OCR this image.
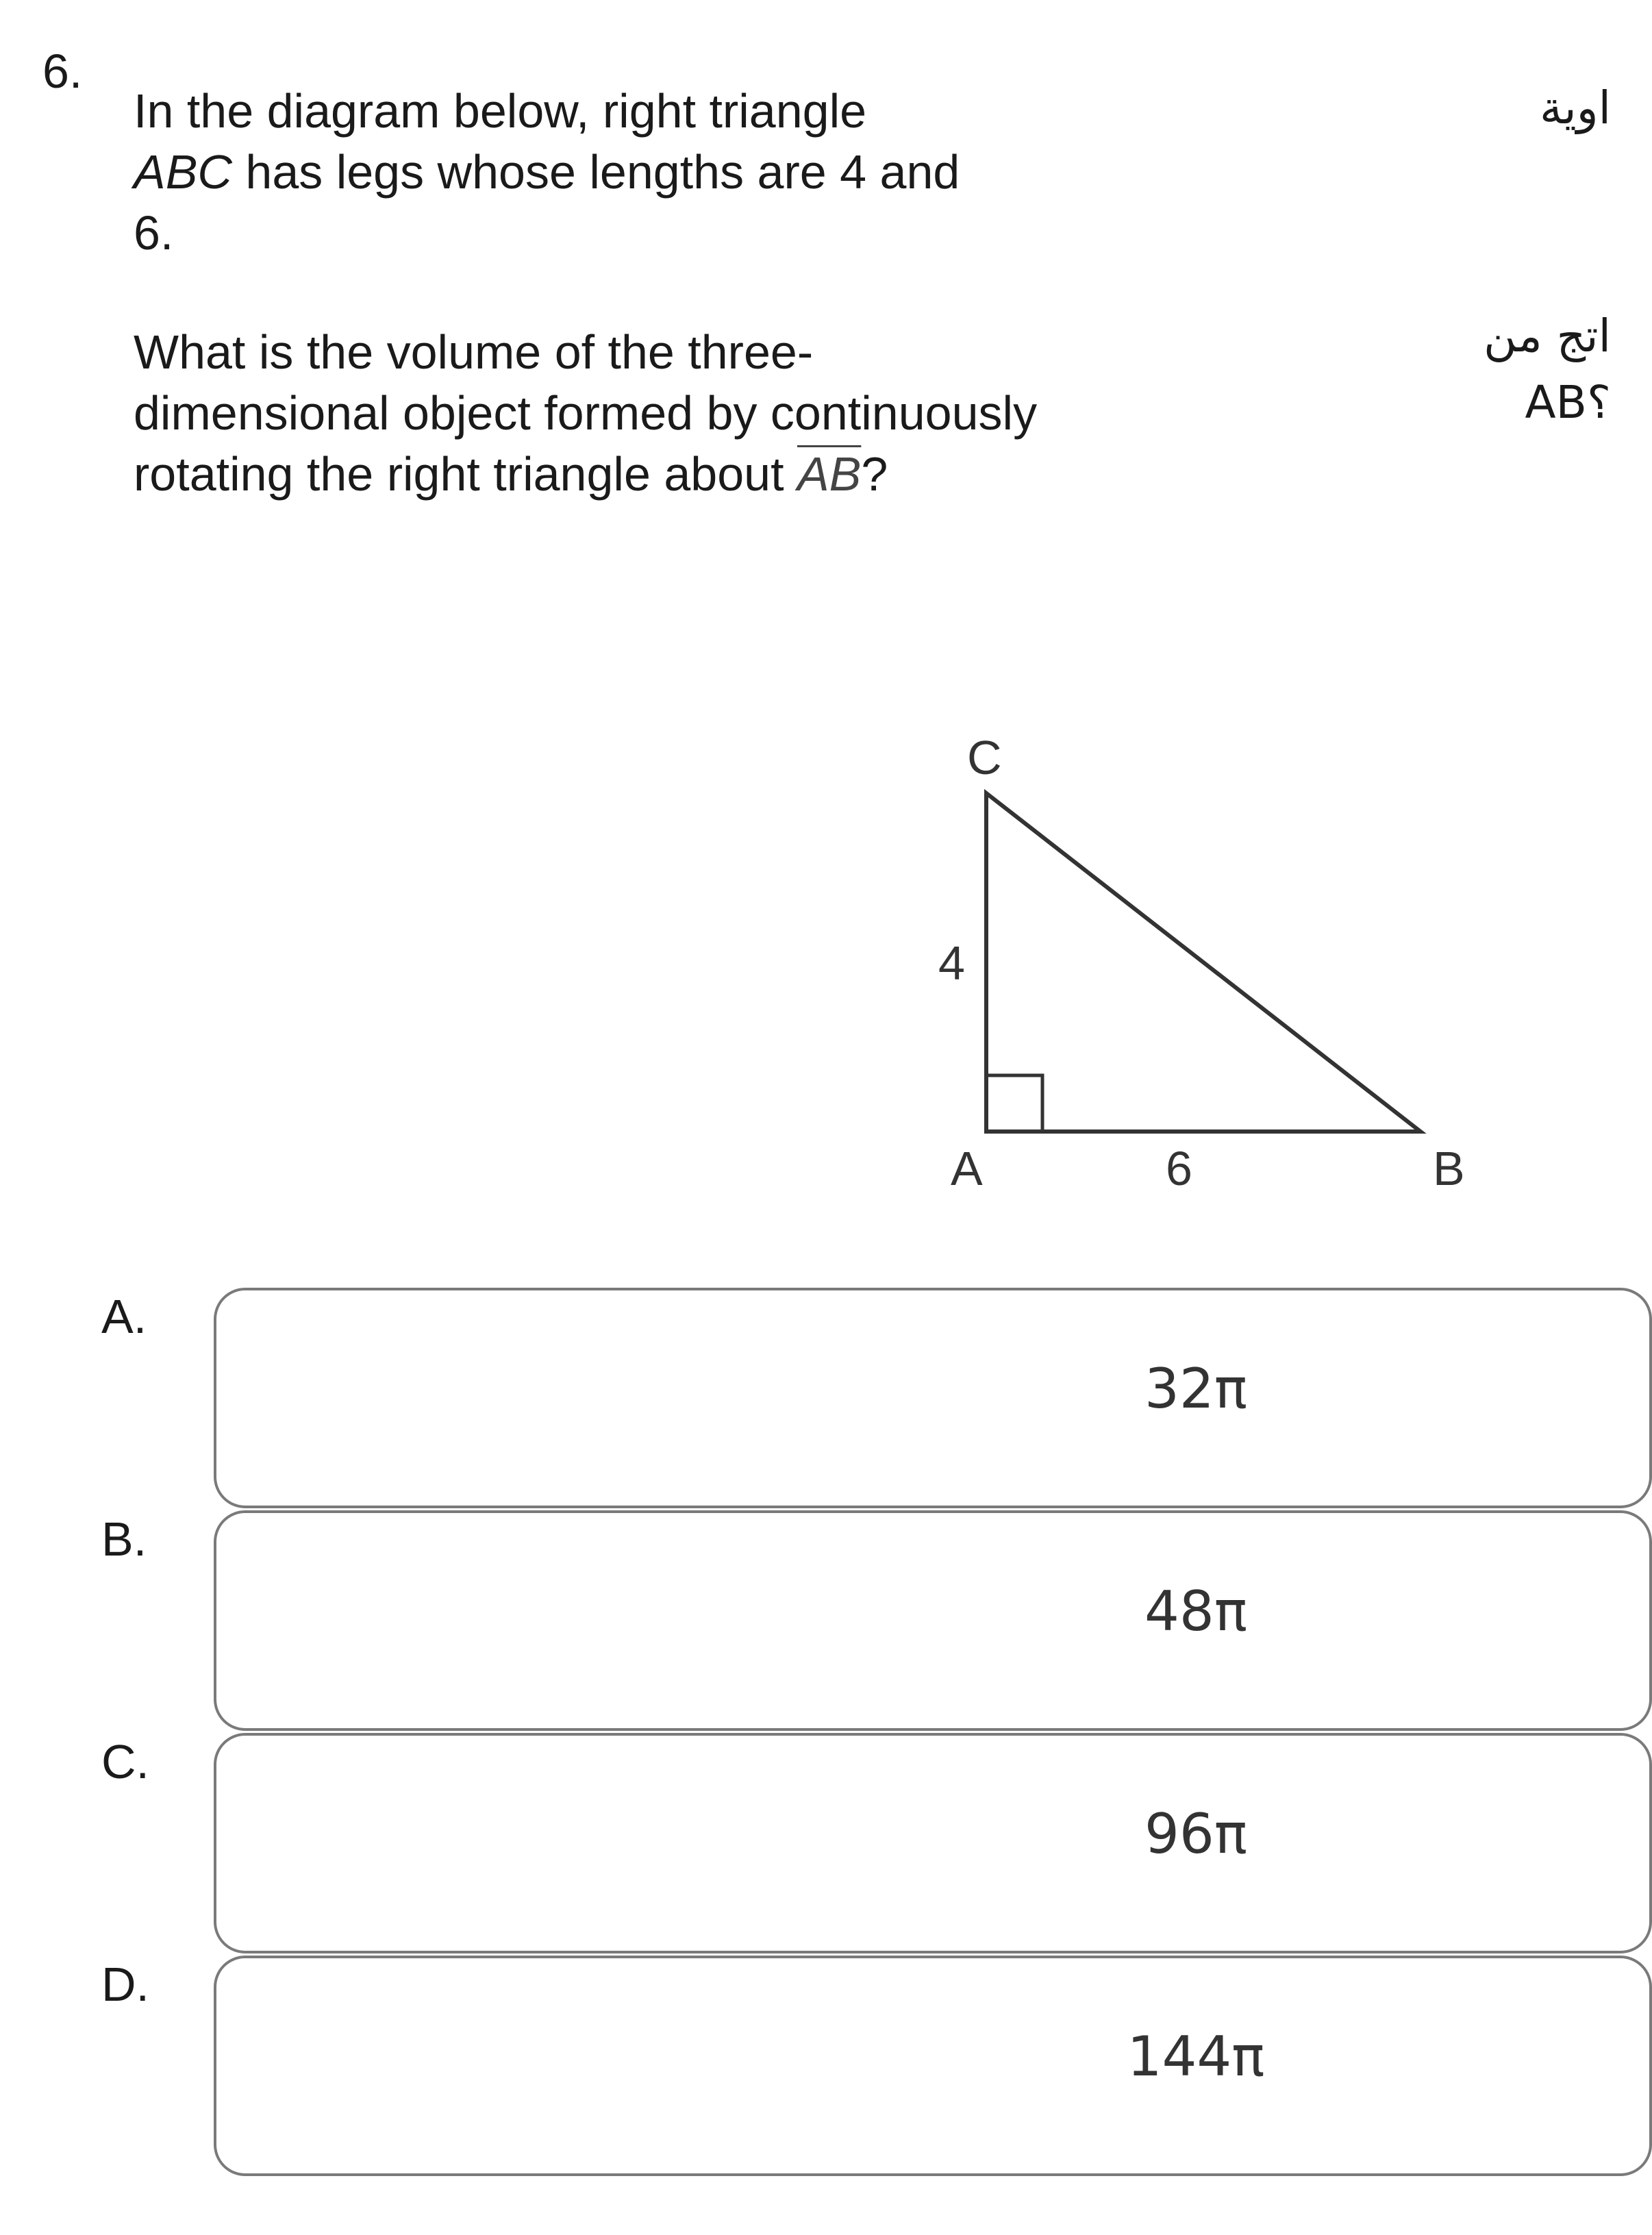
6.

In the diagram below, right triangle
ABC has legs whose lengths are 4 and
6.

What is the volume of the three-dimensional object formed by continuously rotating the right triangle about $\overline{AB}$?

اوية
اتج من
؟AB
C
4
A	6	B
A.
32π
B.
48π
C.
96π
D.
144π
